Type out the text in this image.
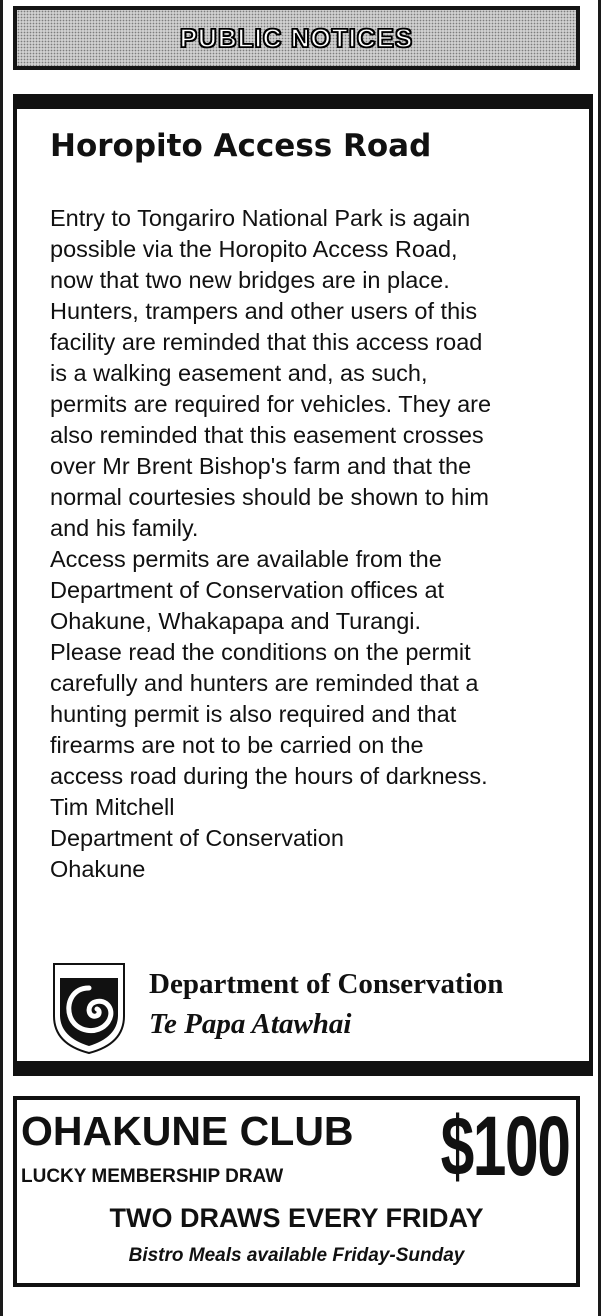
PUBLIC NOTICES
Horopito Access Road
Entry to Tongariro National Park is again
possible via the Horopito Access Road,
now that two new bridges are in place.
Hunters, trampers and other users of this
facility are reminded that this access road
is a walking easement and, as such,
permits are required for vehicles. They are
also reminded that this easement crosses
over Mr Brent Bishop's farm and that the
normal courtesies should be shown to him
and his family.
Access permits are available from the
Department of Conservation offices at
Ohakune, Whakapapa and Turangi.
Please read the conditions on the permit
carefully and hunters are reminded that a
hunting permit is also required and that
firearms are not to be carried on the
access road during the hours of darkness.
Tim Mitchell
Department of Conservation
Ohakune
Department of Conservation
Te Papa Atawhai
OHAKUNE CLUB
LUCKY MEMBERSHIP DRAW $100
TWO DRAWS EVERY FRIDAY
Bistro Meals available Friday-Sunday
